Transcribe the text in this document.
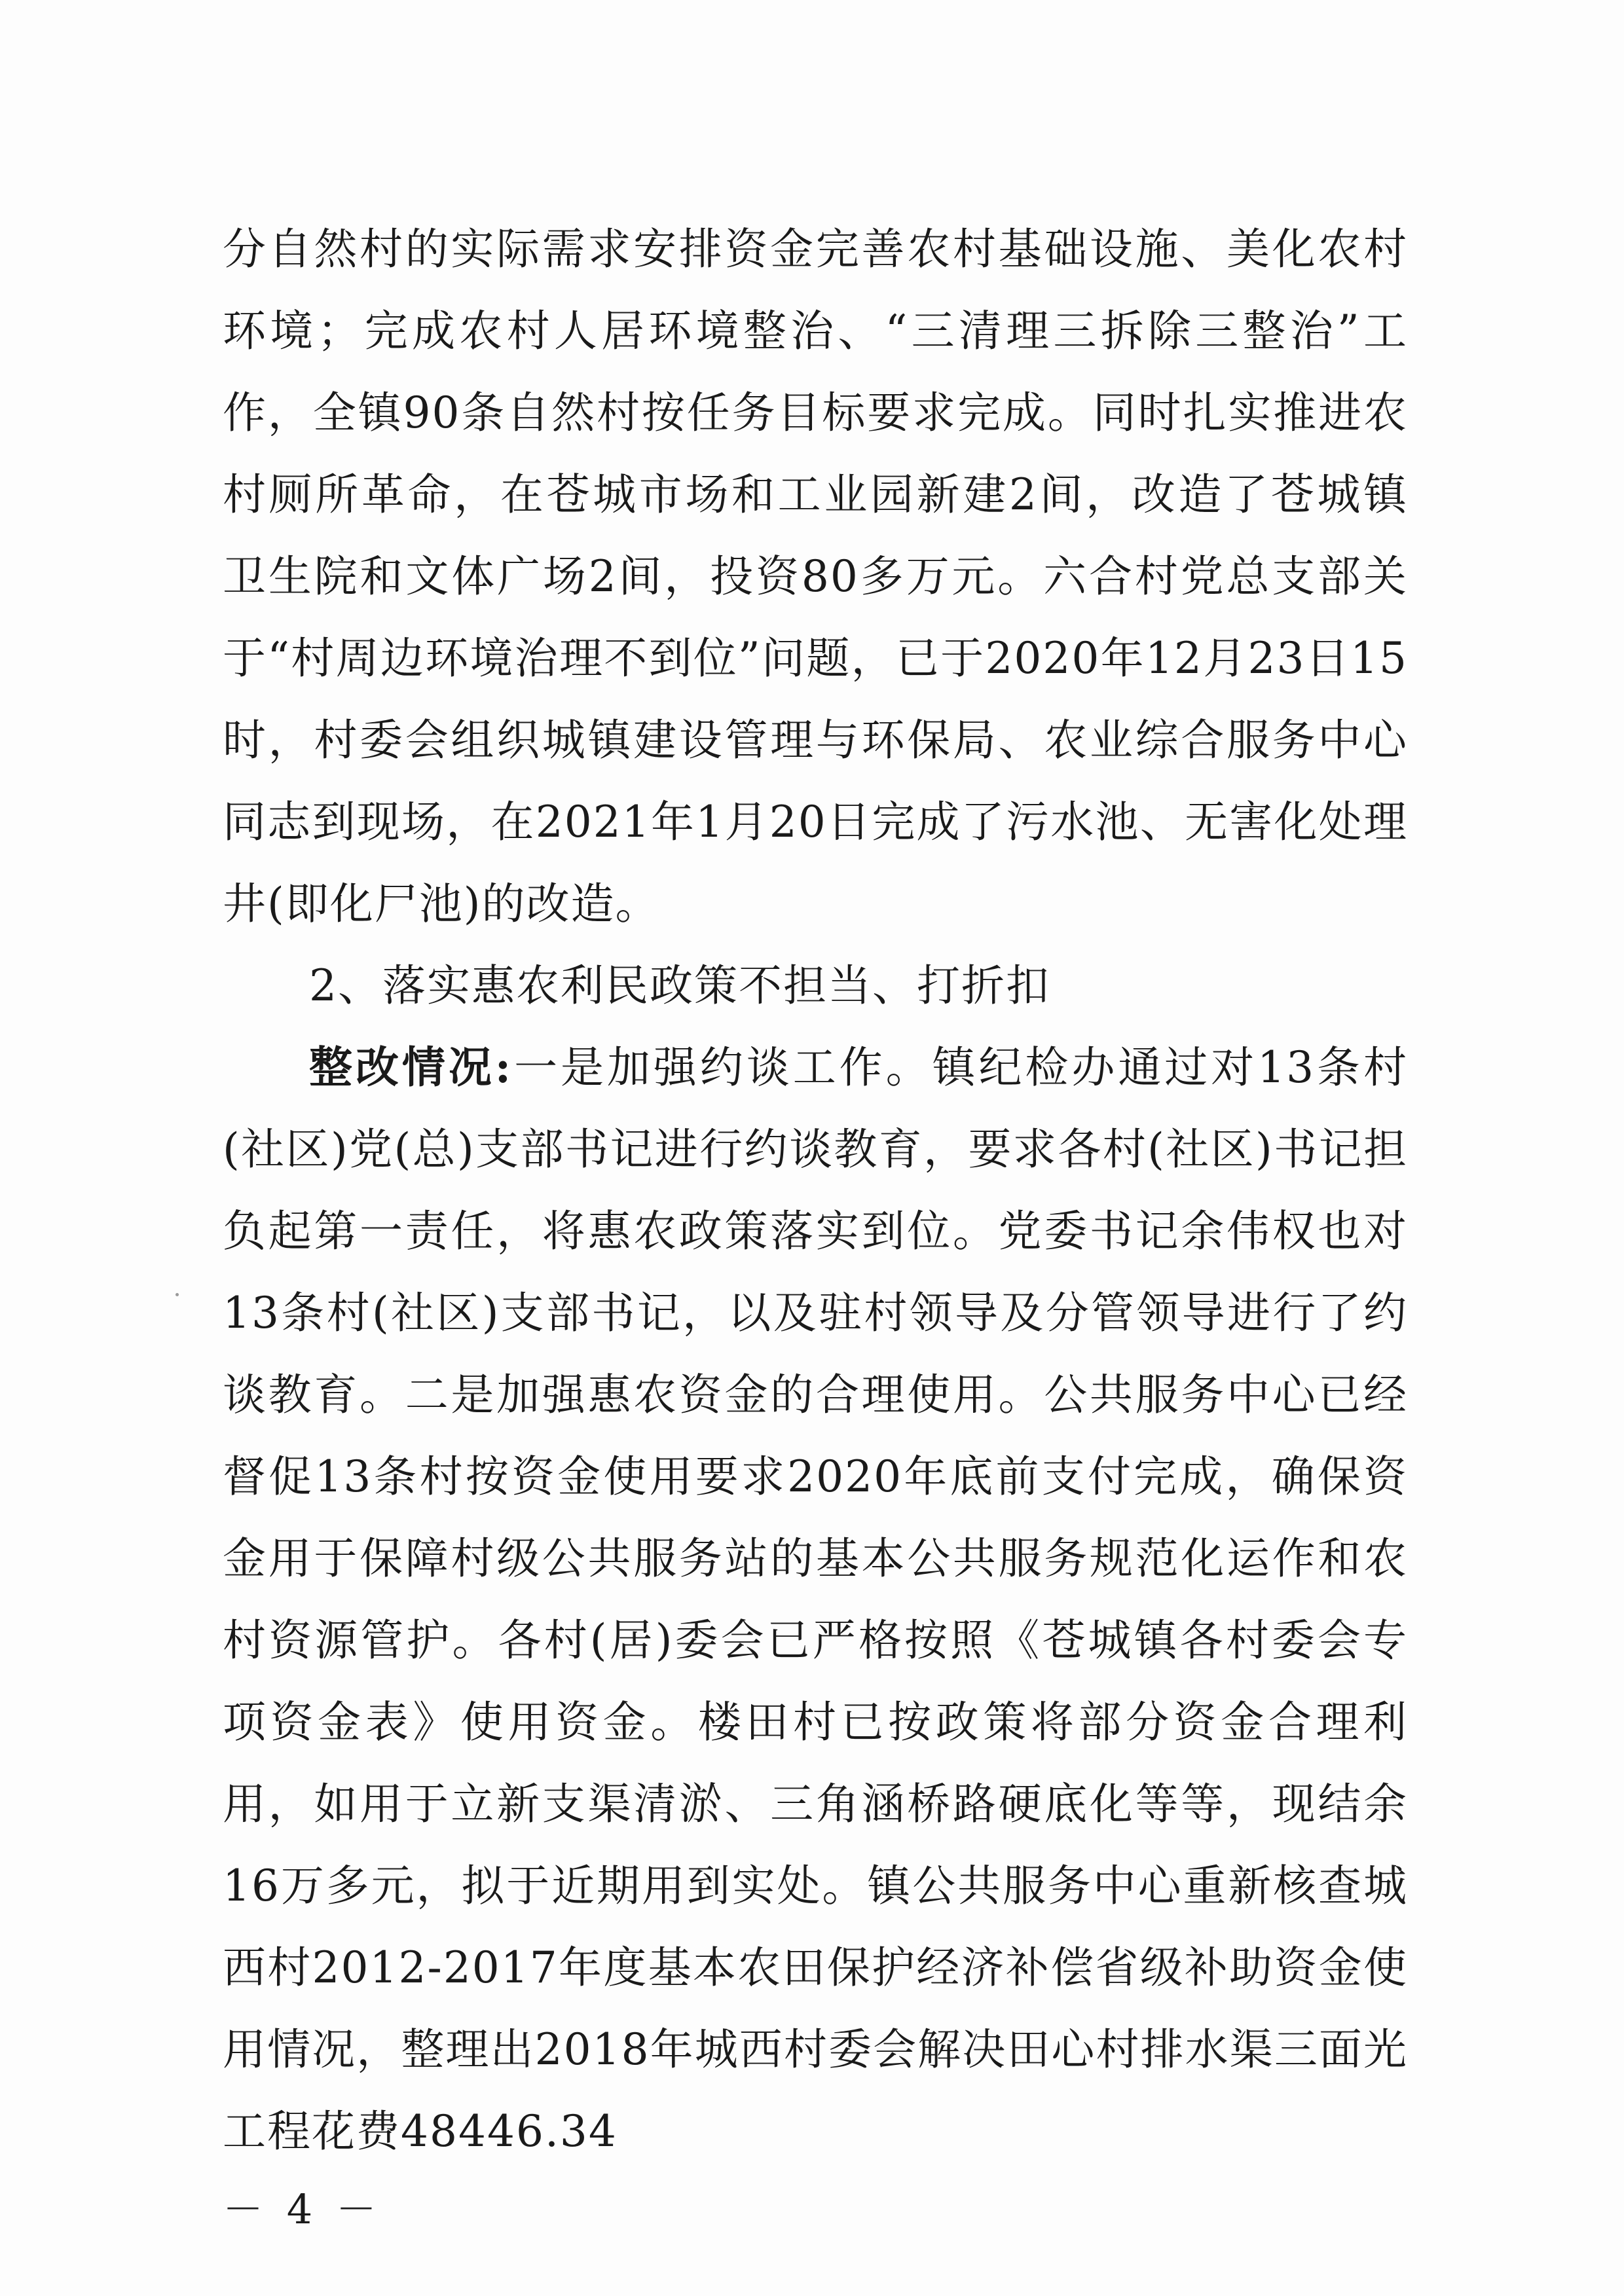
分自然村的实际需求安排资金完善农村基础设施、美化农村环境；完成农村人居环境整治、“三清理三拆除三整治”工作，全镇90条自然村按任务目标要求完成。同时扎实推进农村厕所革命，在苍城市场和工业园新建2间，改造了苍城镇卫生院和文体广场2间，投资80多万元。六合村党总支部关于“村周边环境治理不到位”问题，已于2020年12月23日15时，村委会组织城镇建设管理与环保局、农业综合服务中心同志到现场，在2021年1月20日完成了污水池、无害化处理井(即化尸池)的改造。

2、落实惠农利民政策不担当、打折扣

整改情况:一是加强约谈工作。镇纪检办通过对13条村(社区)党(总)支部书记进行约谈教育，要求各村(社区)书记担负起第一责任，将惠农政策落实到位。党委书记余伟权也对13条村(社区)支部书记，以及驻村领导及分管领导进行了约谈教育。二是加强惠农资金的合理使用。公共服务中心已经督促13条村按资金使用要求2020年底前支付完成，确保资金用于保障村级公共服务站的基本公共服务规范化运作和农村资源管护。各村(居)委会已严格按照《苍城镇各村委会专项资金表》使用资金。楼田村已按政策将部分资金合理利用，如用于立新支渠清淤、三角涵桥路硬底化等等，现结余16万多元，拟于近期用到实处。镇公共服务中心重新核查城西村2012-2017年度基本农田保护经济补偿省级补助资金使用情况，整理出2018年城西村委会解决田心村排水渠三面光工程花费48446.34

－ 4 －
